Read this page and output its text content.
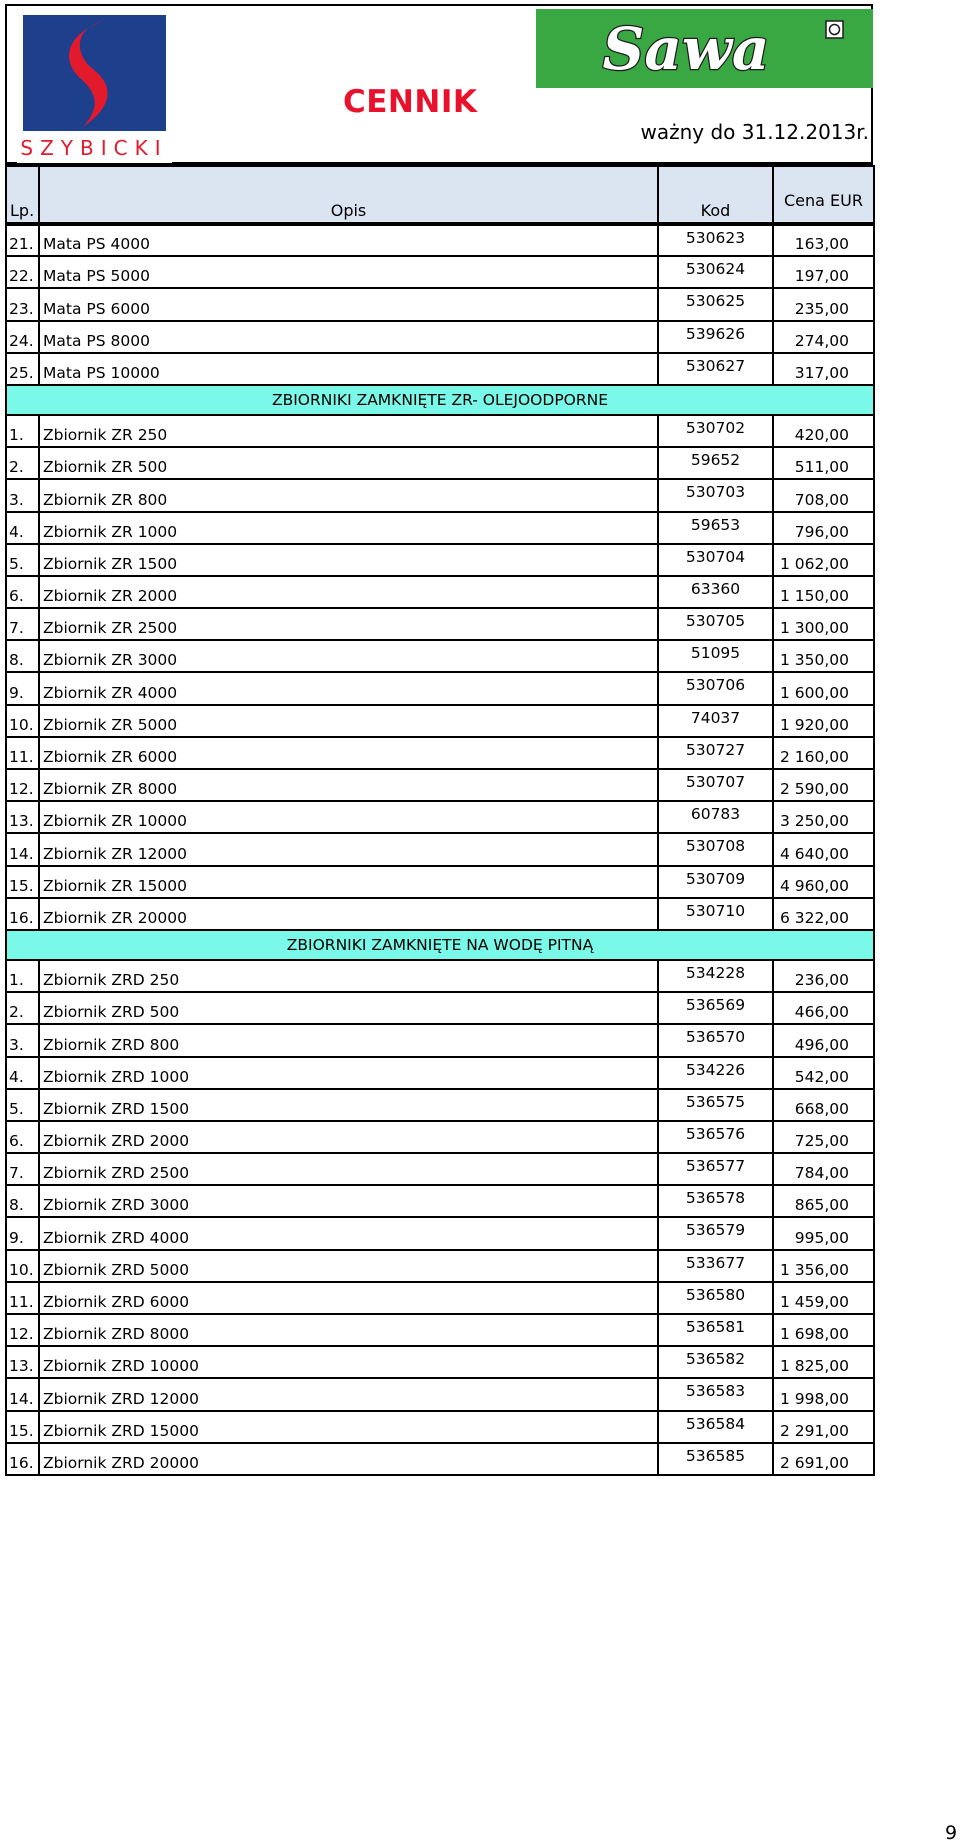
SZYBICKI
Sawa
CENNIK
ważny do 31.12.2013r.
Lp.	Opis	Kod	Cena EUR
21.	Mata PS 4000	530623	163,00
22.	Mata PS 5000	530624	197,00
23.	Mata PS 6000	530625	235,00
24.	Mata PS 8000	539626	274,00
25.	Mata PS 10000	530627	317,00
ZBIORNIKI ZAMKNIĘTE ZR- OLEJOODPORNE			
1.	Zbiornik ZR 250	530702	420,00
2.	Zbiornik ZR 500	59652	511,00
3.	Zbiornik ZR 800	530703	708,00
4.	Zbiornik ZR 1000	59653	796,00
5.	Zbiornik ZR 1500	530704	1 062,00
6.	Zbiornik ZR 2000	63360	1 150,00
7.	Zbiornik ZR 2500	530705	1 300,00
8.	Zbiornik ZR 3000	51095	1 350,00
9.	Zbiornik ZR 4000	530706	1 600,00
10.	Zbiornik ZR 5000	74037	1 920,00
11.	Zbiornik ZR 6000	530727	2 160,00
12.	Zbiornik ZR 8000	530707	2 590,00
13.	Zbiornik ZR 10000	60783	3 250,00
14.	Zbiornik ZR 12000	530708	4 640,00
15.	Zbiornik ZR 15000	530709	4 960,00
16.	Zbiornik ZR 20000	530710	6 322,00
ZBIORNIKI ZAMKNIĘTE NA WODĘ PITNĄ			
1.	Zbiornik ZRD 250	534228	236,00
2.	Zbiornik ZRD 500	536569	466,00
3.	Zbiornik ZRD 800	536570	496,00
4.	Zbiornik ZRD 1000	534226	542,00
5.	Zbiornik ZRD 1500	536575	668,00
6.	Zbiornik ZRD 2000	536576	725,00
7.	Zbiornik ZRD 2500	536577	784,00
8.	Zbiornik ZRD 3000	536578	865,00
9.	Zbiornik ZRD 4000	536579	995,00
10.	Zbiornik ZRD 5000	533677	1 356,00
11.	Zbiornik ZRD 6000	536580	1 459,00
12.	Zbiornik ZRD 8000	536581	1 698,00
13.	Zbiornik ZRD 10000	536582	1 825,00
14.	Zbiornik ZRD 12000	536583	1 998,00
15.	Zbiornik ZRD 15000	536584	2 291,00
16.	Zbiornik ZRD 20000	536585	2 691,00
9
